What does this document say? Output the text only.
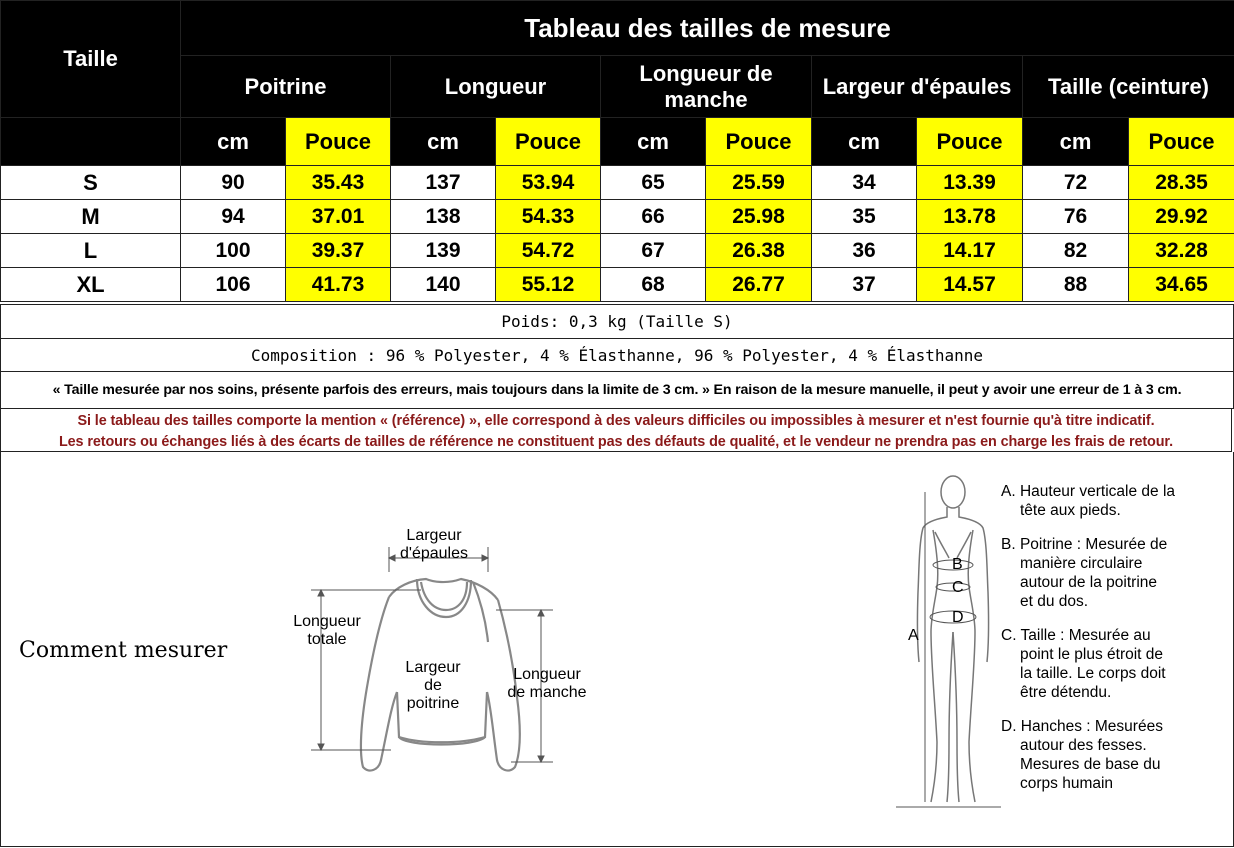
Taille	Tableau des tailles de mesure									
	Poitrine		Longueur		Longueur de manche		Largeur d'épaules		Taille (ceinture)	
	cm	Pouce	cm	Pouce	cm	Pouce	cm	Pouce	cm	Pouce
S	90	35.43	137	53.94	65	25.59	34	13.39	72	28.35
M	94	37.01	138	54.33	66	25.98	35	13.78	76	29.92
L	100	39.37	139	54.72	67	26.38	36	14.17	82	32.28
XL	106	41.73	140	55.12	68	26.77	37	14.57	88	34.65
Poids: 0,3 kg (Taille S)
Composition : 96 % Polyester, 4 % Élasthanne, 96 % Polyester, 4 % Élasthanne
« Taille mesurée par nos soins, présente parfois des erreurs, mais toujours dans la limite de 3 cm. » En raison de la mesure manuelle, il peut y avoir une erreur de 1 à 3 cm.
Si le tableau des tailles comporte la mention « (référence) », elle correspond à des valeurs difficiles ou impossibles à mesurer et n'est fournie qu'à titre indicatif.
Les retours ou échanges liés à des écarts de tailles de référence ne constituent pas des défauts de qualité, et le vendeur ne prendra pas en charge les frais de retour.
Comment mesurer
Largeur
d'épaules
Longueur
totale
Largeur
de
poitrine
Longueur
de manche
B
C
D
A
A. Hauteur verticale de la
tête aux pieds.
B. Poitrine : Mesurée de
manière circulaire
autour de la poitrine
et du dos.
C. Taille : Mesurée au
point le plus étroit de
la taille. Le corps doit
être détendu.
D. Hanches : Mesurées
autour des fesses.
Mesures de base du
corps humain
